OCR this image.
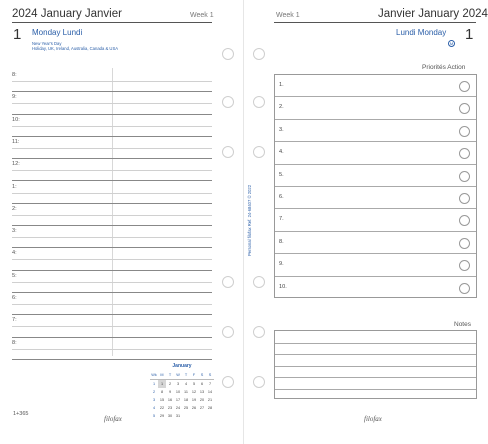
2024 January Janvier	Week 1
1 Monday Lundi
New Year's Day
Holiday, UK, Ireland, Australia, Canada & USA
8:
9:
10:
11:
12:
1:
2:
3:
4:
5:
6:
7:
8:
January
Wk M	T	W	T	F	S	S
1	1	2	3	4	5	6	7
2	8	9	10	11	12 13 14
3	15 16 17 18 19 20 21
4	22 23 24 25 26 27 28
5	29 30 31
1+365
filofax
Week 1	Janvier January 2024
Lundi Monday 1
Priorités Action
1.
2.
3.
4.
5.
6.
7.
8.
9.
10.
Notes
filofax
M
Personal filofax Ref. 24-68407 © 2022
